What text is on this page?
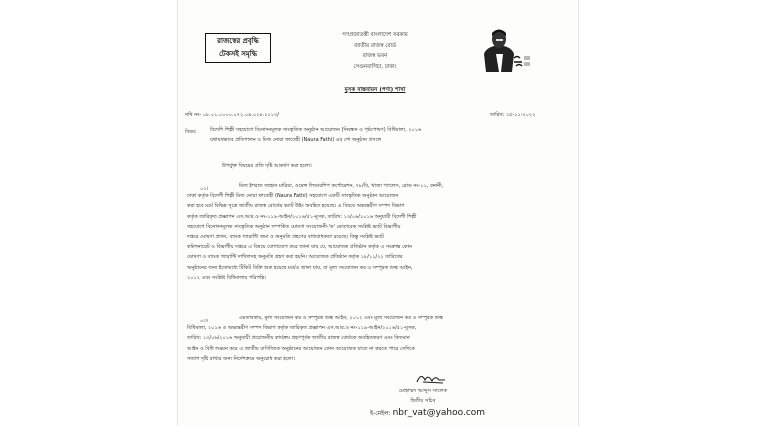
রাজস্বের প্রবৃদ্ধি
টেকসই সমৃদ্ধি
গণপ্রজাতন্ত্রী বাংলাদেশ সরকার
জাতীয় রাজস্ব বোর্ড
রাজস্ব ভবন
সেগুনবাগিচা, ঢাকা।
মূসক বাস্তবায়ন (পণ্য) শাখা
নথি নং- ০৮.০১.০০০০.০৭২.০৪.০২৮.২০১৩/	তারিখ: ১৫-১১-২০২২
বিষয়:	বিদেশি শিল্পী সহযোগে বিনোদনমূলক সাংস্কৃতিক অনুষ্ঠান আয়োজন (নিবন্ধন ও পৃষ্ঠপোষণ) বিধিমালা, ২০১৬
যথাযথভাবে প্রতিপালন ও মিজ নোরা ফাতেহী (Naura Fathi) এর শো অনুষ্ঠান প্রসঙ্গে
উপর্যুক্ত বিষয়ের প্রতি দৃষ্টি আকর্ষণ করা হলো।
০১।	মিজ ইশরাত জাহান মারিয়া, ওমেন্স লিডারশিপ কর্পোরেশন, ৭৮/বি, খাজা প্যালেস, রোড নং-১১, বনানী,
ঢাকা কর্তৃক বিদেশী শিল্পী মিজ নোরা ফাতেহী (Naura Fathi) সহযোগে একটি সাংস্কৃতিক অনুষ্ঠান আয়োজন
করা হবে মর্মে বিভিন্ন সূত্রে জাতীয় রাজস্ব বোর্ডের ভ্যাট উইং অবহিত হয়েছে। এ বিষয়ে অভ্যন্তরীণ সম্পদ বিভাগ
কর্তৃক জারিকৃত প্রজ্ঞাপন এস.আর.ও নং-১১৯-আইন/২০১৬/৫১-মূসক, তারিখ: ১৩/০৬/২০১৬ অনুযায়ী বিদেশী শিল্পী
সহযোগে বিনোদনমূলক সাংস্কৃতিক অনুষ্ঠান সম্পর্কিত ঘোষণা সংযোজনী-'ক' মোতাবেক সংশ্লিষ্ট ভ্যাট বিভাগীয়
দপ্তরে ঘোষণা প্রদান, ব্যাংক গ্যারান্টি জমা ও অনুমতি গ্রহণের বাধ্যবাধকতা রয়েছে। কিন্তু সংশ্লিষ্ট ভ্যাট
কমিশনারেট ও বিভাগীয় দপ্তরে এ বিষয়ে যোগাযোগ করে জানা যায় যে, আয়োজক প্রতিষ্ঠান কর্তৃক এ সংক্রান্ত কোন
ঘোষণা ও ব্যাংক গ্যারান্টি দাখিলসহ অনুমতি গ্রহণ করা হয়নি। আয়োজক প্রতিষ্ঠান কর্তৃক ১৮/১১/২২ তারিখের
অনুষ্ঠানের জন্য ইতোমধ্যে টিকিট বিক্রি শুরু হয়েছে মর্মেও জানা যায়, যা মূল্য সংযোজন কর ও সম্পূরক শুল্ক আইন,
২০১২ এবং সংশ্লিষ্ট বিধিমালার পরিপন্থি।
০৩।	এমতাবস্থায়, মূল্য সংযোজন কর ও সম্পূরক শুল্ক আইন, ২০১২ এবং মূল্য সংযোজন কর ও সম্পূরক শুল্ক
বিধিমালা, ২০১৬ ও অভ্যন্তরীণ সম্পদ বিভাগ কর্তৃক জারিকৃত প্রজ্ঞাপন এস.আর.ও নং-১১৯-আইন/২০১৬/৫১-মূসক,
তারিখ: ১৩/০৬/২০১৬ অনুযায়ী প্রয়োজনীয় কার্যক্রম গ্রহণপূর্বক জাতীয় রাজস্ব বোর্ডকে অবহিতকরণ এবং বিদ্যমান
আইন ও বিধি লঙ্ঘন করে এ জাতীয় বাণিজ্যিক অনুষ্ঠানের আয়োজন কোন আয়োজক যাতে না করতে পারে সেদিকে
সজাগ দৃষ্টি রাখার জন্য নির্দেশক্রমে অনুরোধ করা হলো।
মোহাম্মদ আব্দুস সালেক
দ্বিতীয় সচিব
ই-মেইল: nbr_vat@yahoo.com
